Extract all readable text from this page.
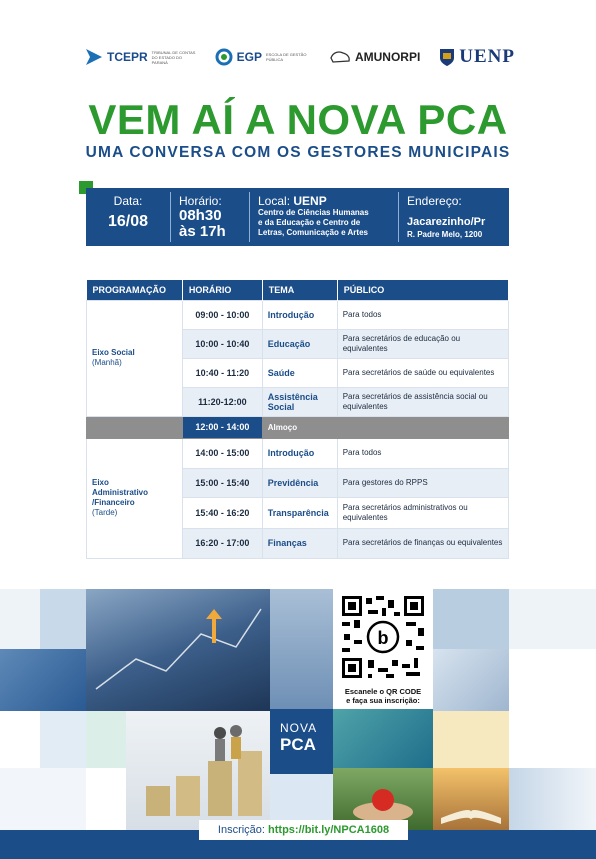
TCEPR TRIBUNAL DE CONTAS DO ESTADO DO PARANÁ	EGP ESCOLA DE GESTÃO PÚBLICA	AMUNORPI UENP
VEM AÍ A NOVA PCA
UMA CONVERSA COM OS GESTORES MUNICIPAIS
Data:
16/08
Horário:
08h30
às 17h
Local: UENP
Centro de Ciências Humanas
e da Educação e Centro de
Letras, Comunicação e Artes
Endereço:
Jacarezinho/Pr
R. Padre Melo, 1200
PROGRAMAÇÃO	HORÁRIO	TEMA	PÚBLICO

Eixo Social
(Manhã)	09:00 - 10:00	Introdução	Para todos
	10:00 - 10:40	Educação	Para secretários de educação ou equivalentes
	10:40 - 11:20	Saúde	Para secretários de saúde ou equivalentes
	11:20-12:00	Assistência Social	Para secretários de assistência social ou equivalentes
	12:00 - 14:00	Almoço	

Eixo
Administrativo
/Financeiro
(Tarde)	14:00 - 15:00	Introdução	Para todos
	15:00 - 15:40	Previdência	Para gestores do RPPS
	15:40 - 16:20	Transparência	Para secretários administrativos ou equivalentes
	16:20 - 17:00	Finanças	Para secretários de finanças ou equivalentes
b
Escanele o QR CODE
e faça sua inscrição:
NOVA
PCA
Inscrição: https://bit.ly/NPCA1608
